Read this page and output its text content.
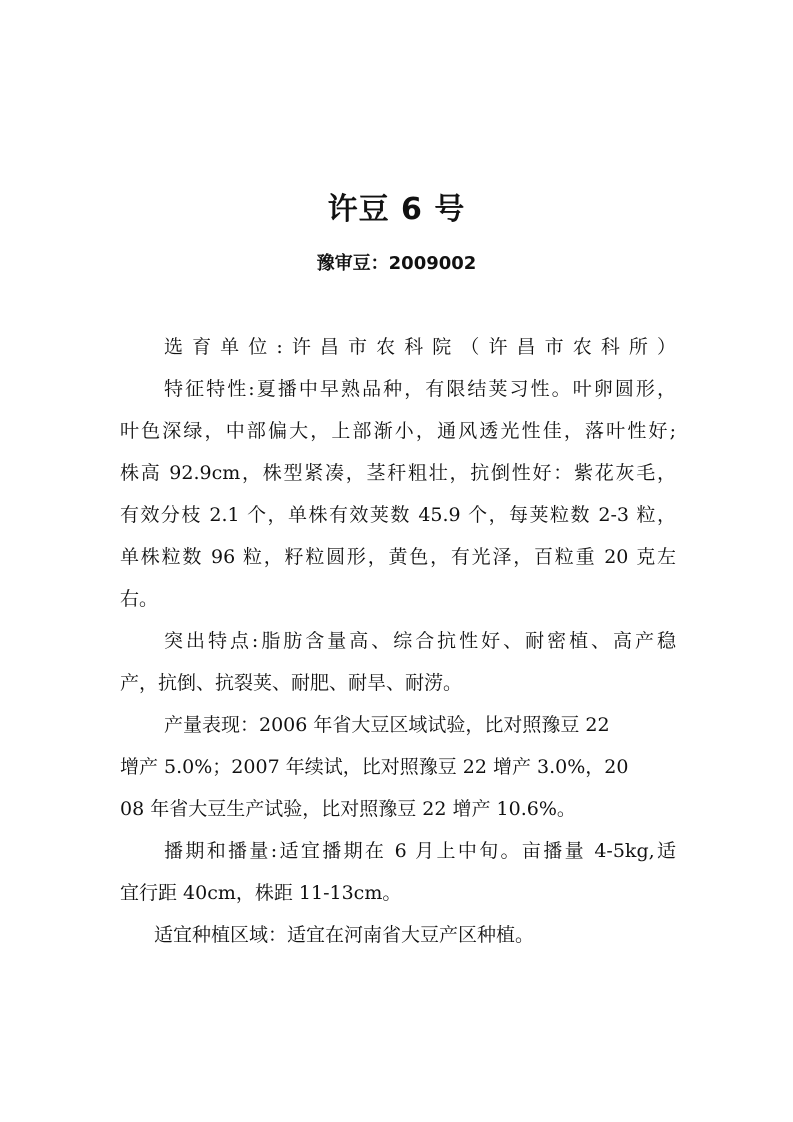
许豆 6 号
豫审豆：2009002
选育单位:许昌市农科院（许昌市农科所）
特征特性:夏播中早熟品种，有限结荚习性。叶卵圆形，
叶色深绿，中部偏大，上部渐小，通风透光性佳，落叶性好;
株高 92.9cm，株型紧凑，茎秆粗壮，抗倒性好：紫花灰毛，
有效分枝 2.1 个，单株有效荚数 45.9 个，每荚粒数 2-3 粒，
单株粒数 96 粒，籽粒圆形，黄色，有光泽，百粒重 20 克左
右。
突出特点:脂肪含量高、综合抗性好、耐密植、高产稳
产，抗倒、抗裂荚、耐肥、耐旱、耐涝。
产量表现：2006 年省大豆区域试验，比对照豫豆 22
增产 5.0%；2007 年续试，比对照豫豆 22 增产 3.0%，20
08 年省大豆生产试验，比对照豫豆 22 增产 10.6%。
播期和播量:适宜播期在 6 月上中旬。亩播量 4-5kg,适
宜行距 40cm，株距 11-13cm。
适宜种植区域：适宜在河南省大豆产区种植。
